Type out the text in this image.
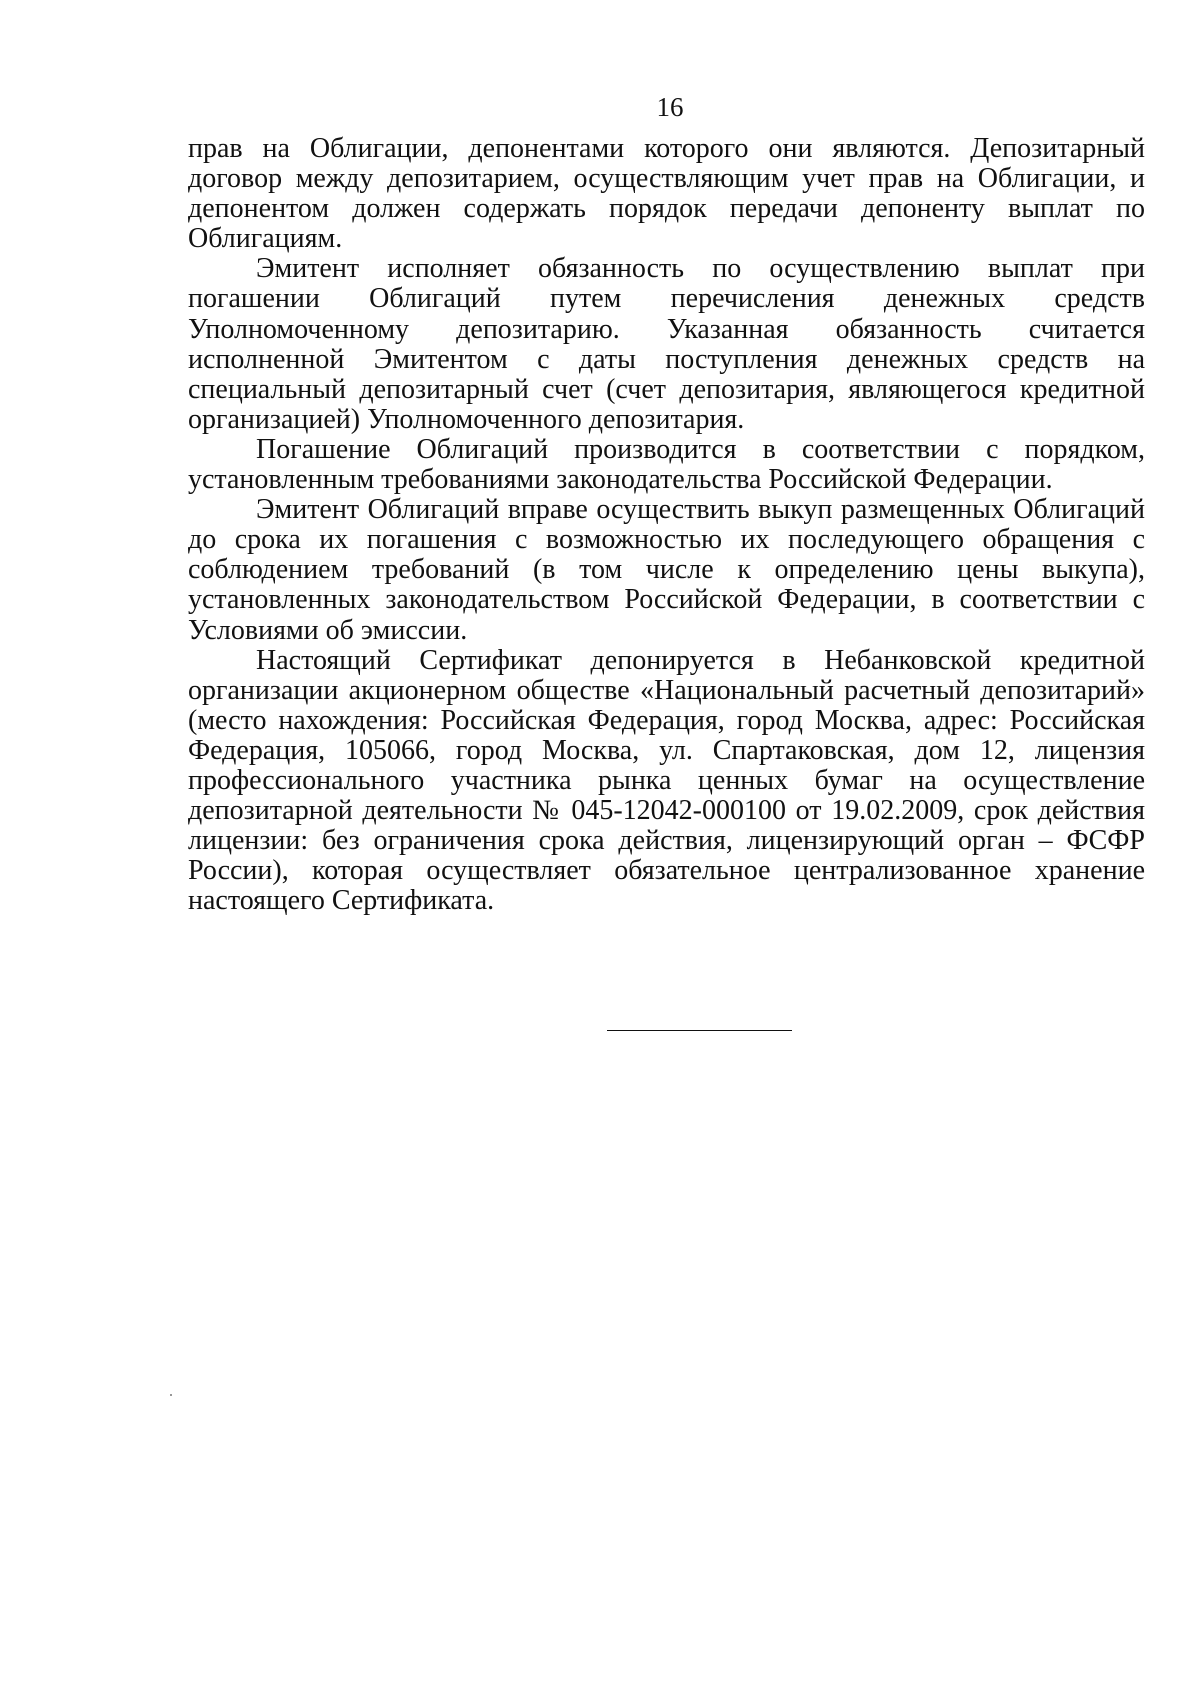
16

прав на Облигации, депонентами которого они являются. Депозитарный договор между депозитарием, осуществляющим учет прав на Облигации, и депонентом должен содержать порядок передачи депоненту выплат по Облигациям.

Эмитент исполняет обязанность по осуществлению выплат при погашении Облигаций путем перечисления денежных средств Уполномоченному депозитарию. Указанная обязанность считается исполненной Эмитентом с даты поступления денежных средств на специальный депозитарный счет (счет депозитария, являющегося кредитной организацией) Уполномоченного депозитария.

Погашение Облигаций производится в соответствии с порядком, установленным требованиями законодательства Российской Федерации.

Эмитент Облигаций вправе осуществить выкуп размещенных Облигаций до срока их погашения с возможностью их последующего обращения с соблюдением требований (в том числе к определению цены выкупа), установленных законодательством Российской Федерации, в соответствии с Условиями об эмиссии.

Настоящий Сертификат депонируется в Небанковской кредитной организации акционерном обществе «Национальный расчетный депозитарий» (место нахождения: Российская Федерация, город Москва, адрес: Российская Федерация, 105066, город Москва, ул. Спартаковская, дом 12, лицензия профессионального участника рынка ценных бумаг на осуществление депозитарной деятельности № 045-12042-000100 от 19.02.2009, срок действия лицензии: без ограничения срока действия, лицензирующий орган – ФСФР России), которая осуществляет обязательное централизованное хранение настоящего Сертификата.
